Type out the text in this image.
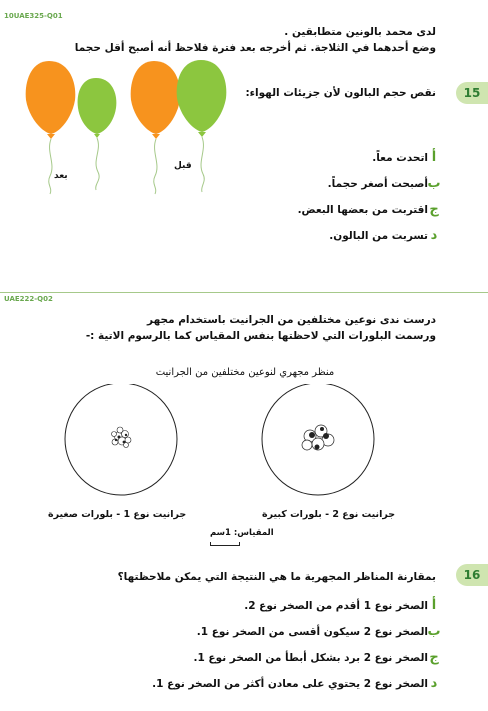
10UAE325-Q01
لدى محمد بالونين متطابقين .
وضع أحدهما في الثلاجة. ثم أخرجه بعد فترة فلاحظ أنه أصبح أقل حجما
بعد
قبل
15
نقص حجم البالون لأن جزيئات الهواء:
أ
اتحدت معاً.
ب
أصبحت أصغر حجماً.
ج
اقتربت من بعضها البعض.
د
تسربت من البالون.
UAE222-Q02
درست ندى نوعين مختلفين من الجرانيت باستخدام مجهر
ورسمت البلورات التي لاحظتها بنفس المقياس كما بالرسوم الاتية :-
منظر مجهري لنوعين مختلفين من الجرانيت
جرانيت نوع 1 - بلورات صغيرة	جرانيت نوع 2 - بلورات كبيرة
المقياس: 1سم
16
بمقارنة المناظر المجهرية ما هي النتيجة التي يمكن ملاحظتها؟
أ
الصخر نوع 1 أقدم من الصخر نوع 2.
ب
الصخر نوع 2 سيكون أقسى من الصخر نوع 1.
ج
الصخر نوع 2 برد بشكل أبطأ من الصخر نوع 1.
د
الصخر نوع 2 يحتوي على معادن أكثر من الصخر نوع 1.
